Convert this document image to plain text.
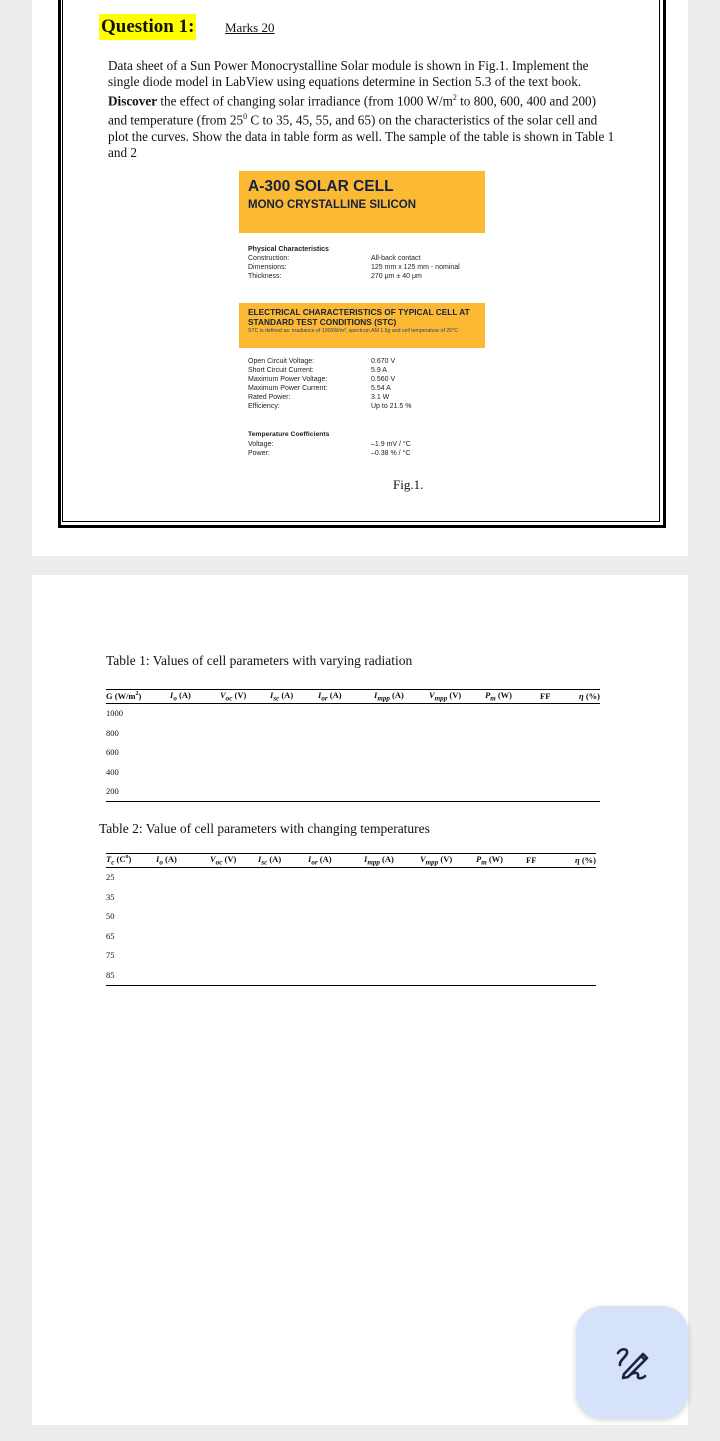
Question 1: Marks 20
Data sheet of a Sun Power Monocrystalline Solar module is shown in Fig.1. Implement the single diode model in LabView using equations determine in Section 5.3 of the text book. Discover the effect of changing solar irradiance (from 1000 $W/m^2$ to 800, 600, 400 and 200) and temperature (from $25^0$ C to 35, 45, 55, and 65) on the characteristics of the solar cell and plot the curves. Show the data in table form as well. The sample of the table is shown in Table 1 and 2
A-300 SOLAR CELL
MONO CRYSTALLINE SILICON
Physical Characteristics
Construction:	All-back contact
Dimensions:	125 mm x 125 mm - nominal
Thickness:	270 μm ± 40 μm
ELECTRICAL CHARACTERISTICS OF TYPICAL CELL AT STANDARD TEST CONDITIONS (STC)
STC is defined as: irradiance of 1000W/m², spectrum AM 1.5g and cell temperature of 25°C
Open Circuit Voltage:	0.670 V
Short Circuit Current:	5.9 A
Maximum Power Voltage:	0.560 V
Maximum Power Current:	5.54 A
Rated Power:	3.1 W
Efficiency:	Up to 21.5 %
Temperature Coefficients
Voltage:	–1.9 mV / °C
Power:	–0.38 % / °C
Fig.1.
Table 1: Values of cell parameters with varying radiation
G $(W/m^2)$	$I_o$ (A)	$V_{oc}$ (V)	$I_{sc}$ (A)	$I_{or}$ (A)	$I_{mpp}$ (A)	$V_{mpp}$ (V)	$P_m$ (W)	FF	η (%)
1000									
800									
600									
400									
200									
Table 2: Value of cell parameters with changing temperatures
$T_c$ $(C^o)$	$I_o$ (A)	$V_{oc}$ (V)	$I_{sc}$ (A)	$I_{or}$ (A)	$I_{mpp}$ (A)	$V_{mpp}$ (V)	$P_m$ (W)	FF	η (%)
25									
35									
50									
65									
75									
85									
